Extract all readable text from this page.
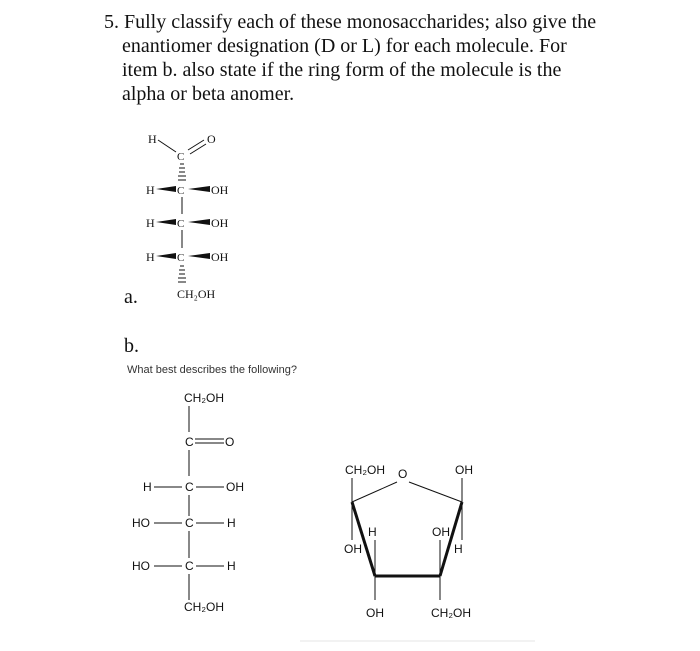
5. Fully classify each of these monosaccharides; also give the
enantiomer designation (D or L) for each molecule. For
item b. also state if the ring form of the molecule is the
alpha or beta anomer.
a.
b.
What best describes the following?
H
C
O
H C OH
H C OH
H C OH
CH₂OH
CH₂OH
C	O
H	C	OH
HO	C	H
HO	C	H
CH₂OH
CH₂OH O	OH
OH
H	OH
H
OH	CH₂OH
